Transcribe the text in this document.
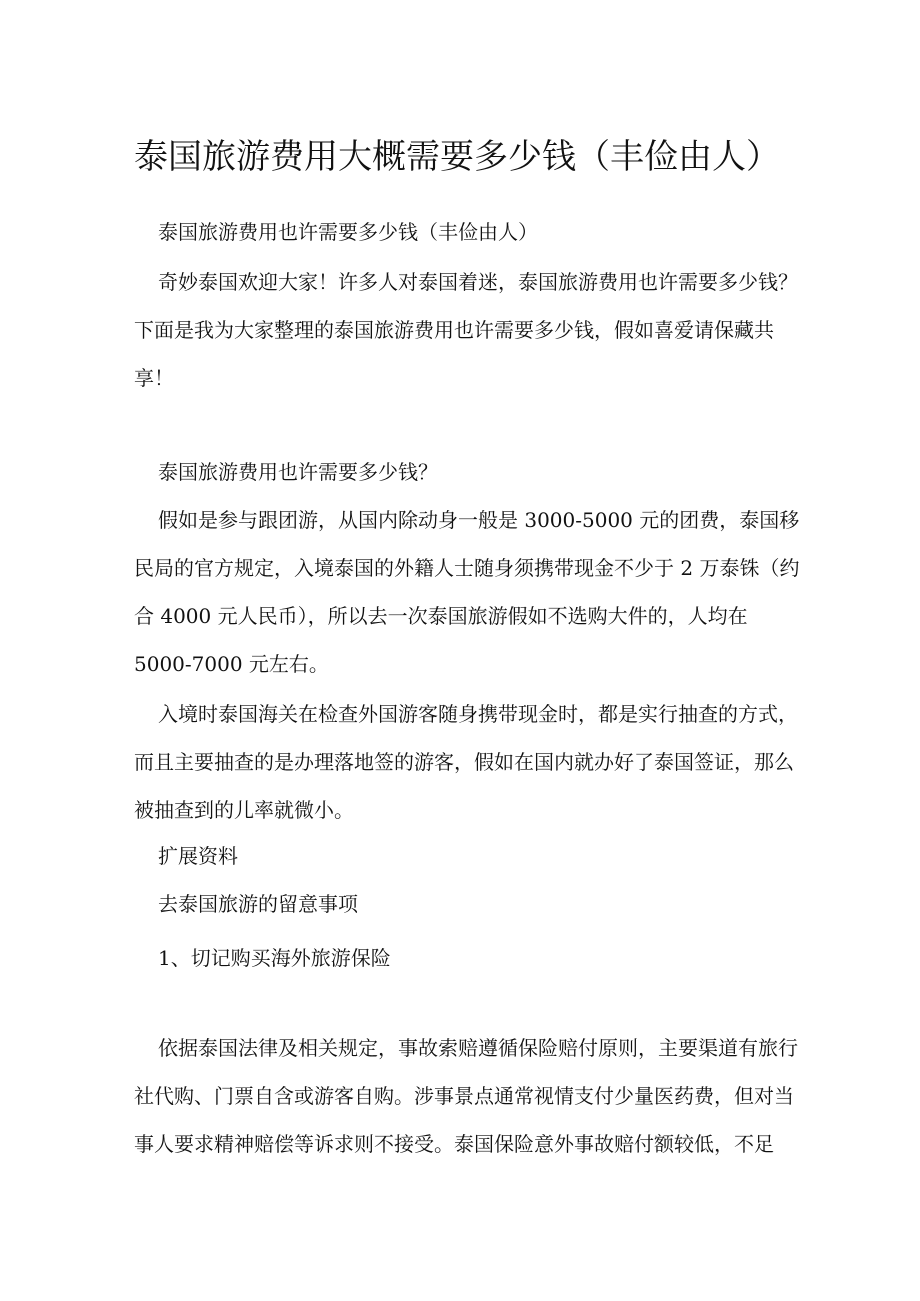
泰国旅游费用大概需要多少钱（丰俭由人）

泰国旅游费用也许需要多少钱（丰俭由人）

奇妙泰国欢迎大家！许多人对泰国着迷，泰国旅游费用也许需要多少钱？下面是我为大家整理的泰国旅游费用也许需要多少钱，假如喜爱请保藏共享！

泰国旅游费用也许需要多少钱？

假如是参与跟团游，从国内除动身一般是 3000-5000 元的团费，泰国移民局的官方规定，入境泰国的外籍人士随身须携带现金不少于 2 万泰铢（约合 4000 元人民币），所以去一次泰国旅游假如不选购大件的，人均在 5000-7000 元左右。

入境时泰国海关在检查外国游客随身携带现金时，都是实行抽查的方式，而且主要抽查的是办理落地签的游客，假如在国内就办好了泰国签证，那么被抽查到的儿率就微小。

扩展资料

去泰国旅游的留意事项

1、切记购买海外旅游保险

依据泰国法律及相关规定，事故索赔遵循保险赔付原则，主要渠道有旅行社代购、门票自含或游客自购。涉事景点通常视情支付少量医药费，但对当事人要求精神赔偿等诉求则不接受。泰国保险意外事故赔付额较低，不足
